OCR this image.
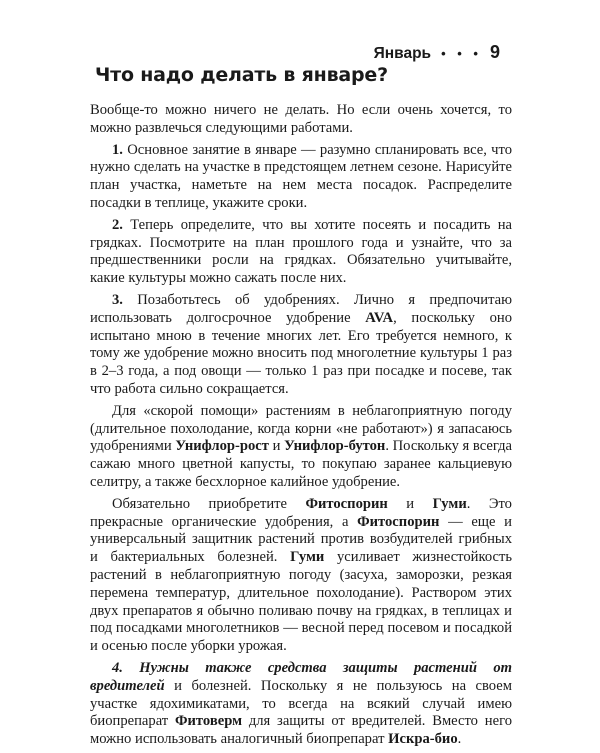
Январь • • • 9
Что надо делать в январе?

Вообще-то можно ничего не делать. Но если очень хочется, то можно развлечься следующими работами.

1. Основное занятие в январе — разумно спланировать все, что нужно сделать на участке в предстоящем летнем сезоне. Нарисуйте план участка, наметьте на нем места посадок. Распределите посадки в теплице, укажите сроки.

2. Теперь определите, что вы хотите посеять и посадить на грядках. Посмотрите на план прошлого года и узнайте, что за предшественники росли на грядках. Обязательно учитывайте, какие культуры можно сажать после них.

3. Позаботьтесь об удобрениях. Лично я предпочитаю использовать долгосрочное удобрение AVA, поскольку оно испытано мною в течение многих лет. Его требуется немного, к тому же удобрение можно вносить под многолетние культуры 1 раз в 2–3 года, а под овощи — только 1 раз при посадке и посеве, так что работа сильно сокращается.

Для «скорой помощи» растениям в неблагоприятную погоду (длительное похолодание, когда корни «не работают») я запасаюсь удобрениями Унифлор-рост и Унифлор-бутон. Поскольку я всегда сажаю много цветной капусты, то покупаю заранее кальциевую селитру, а также бесхлорное калийное удобрение.

Обязательно приобретите Фитоспорин и Гуми. Это прекрасные органические удобрения, а Фитоспорин — еще и универсальный защитник растений против возбудителей грибных и бактериальных болезней. Гуми усиливает жизнестойкость растений в неблагоприятную погоду (засуха, заморозки, резкая перемена температур, длительное похолодание). Раствором этих двух препаратов я обычно поливаю почву на грядках, в теплицах и под посадками многолетников — весной перед посевом и посадкой и осенью после уборки урожая.

4. Нужны также средства защиты растений от вредителей и болезней. Поскольку я не пользуюсь на своем участке ядохимикатами, то всегда на всякий случай имею биопрепарат Фитоверм для защиты от вредителей. Вместо него можно использовать аналогичный биопрепарат Искра-био.
